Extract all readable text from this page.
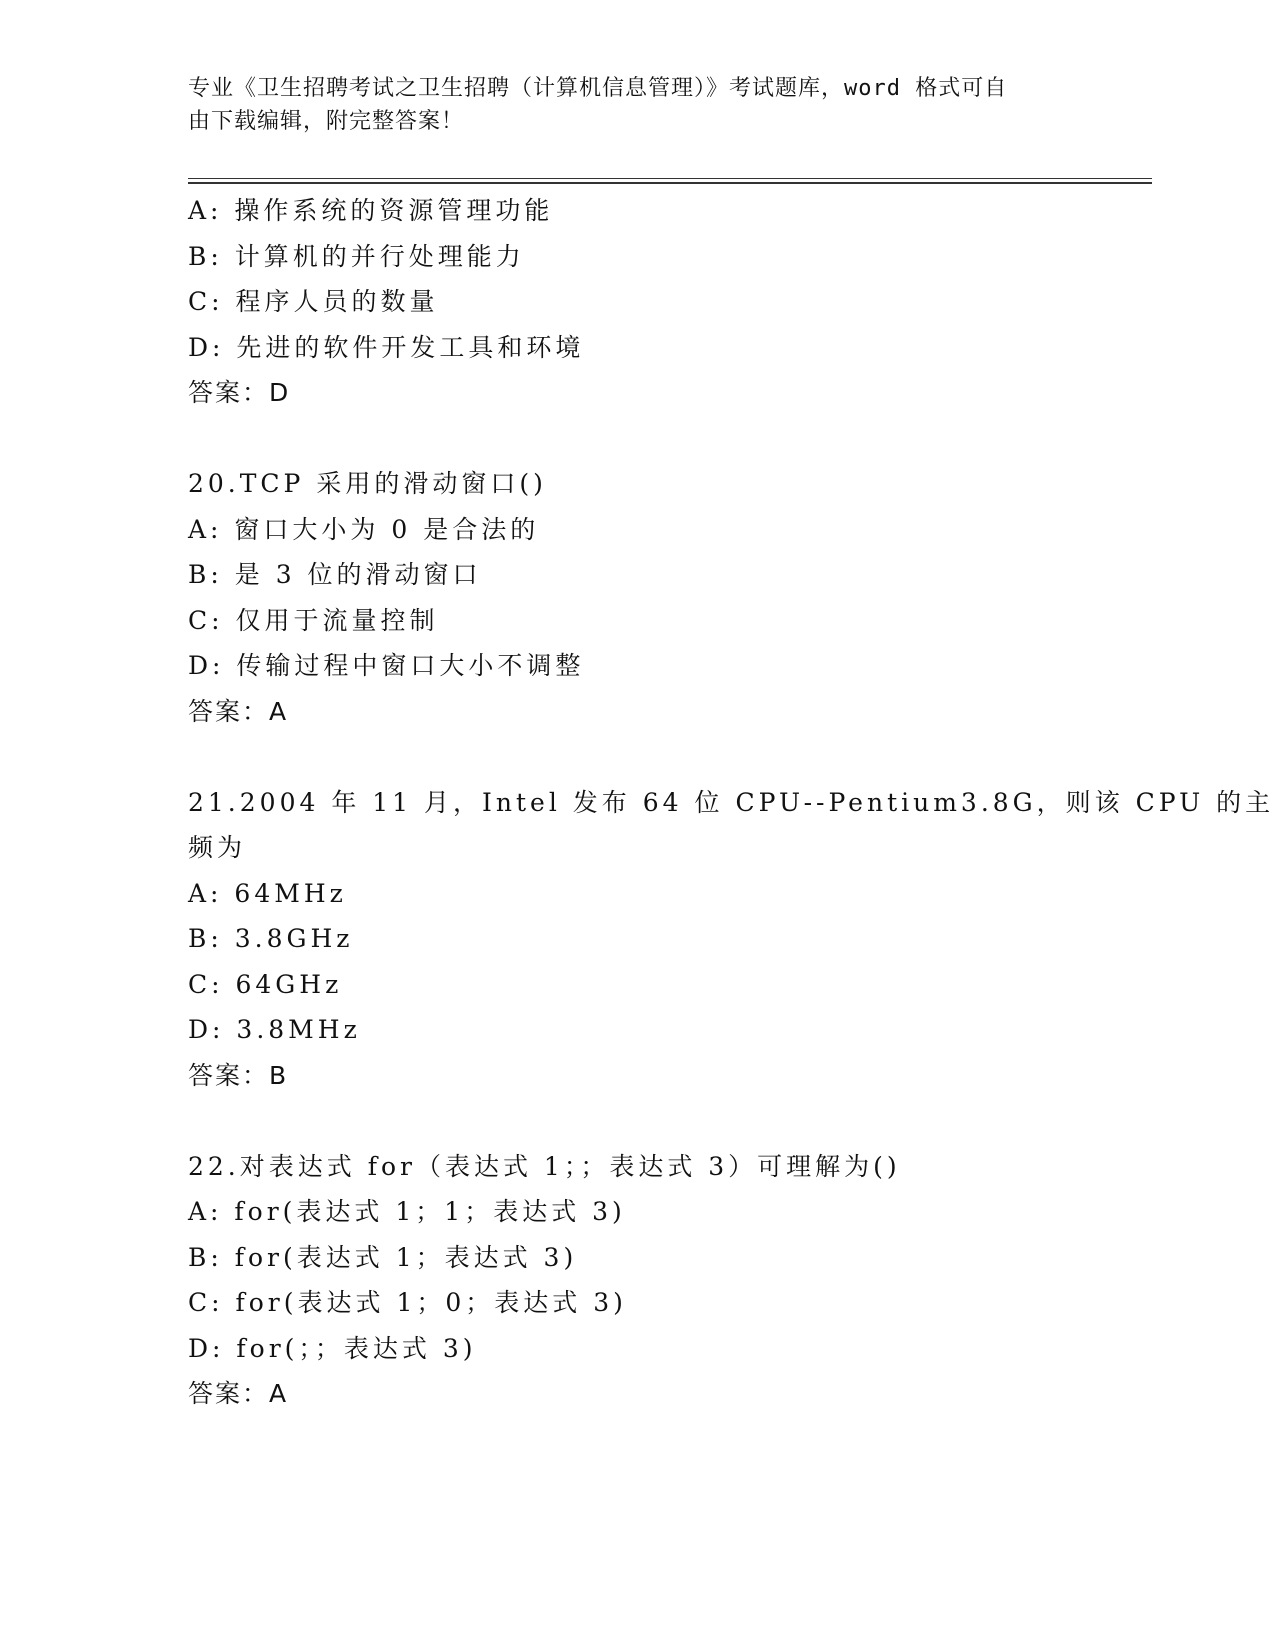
专业《卫生招聘考试之卫生招聘（计算机信息管理）》考试题库，word 格式可自
由下载编辑，附完整答案！
A: 操作系统的资源管理功能
B: 计算机的并行处理能力
C: 程序人员的数量
D: 先进的软件开发工具和环境
答案：D
20.TCP 采用的滑动窗口()
A: 窗口大小为 0 是合法的
B: 是 3 位的滑动窗口
C: 仅用于流量控制
D: 传输过程中窗口大小不调整
答案：A
21.2004 年 11 月，Intel 发布 64 位 CPU--Pentium3.8G，则该 CPU 的主
频为
A: 64MHz
B: 3.8GHz
C: 64GHz
D: 3.8MHz
答案：B
22.对表达式 for（表达式 1；；表达式 3）可理解为()
A: for(表达式 1；1；表达式 3)
B: for(表达式 1；表达式 3)
C: for(表达式 1；0；表达式 3)
D: for(；；表达式 3)
答案：A
